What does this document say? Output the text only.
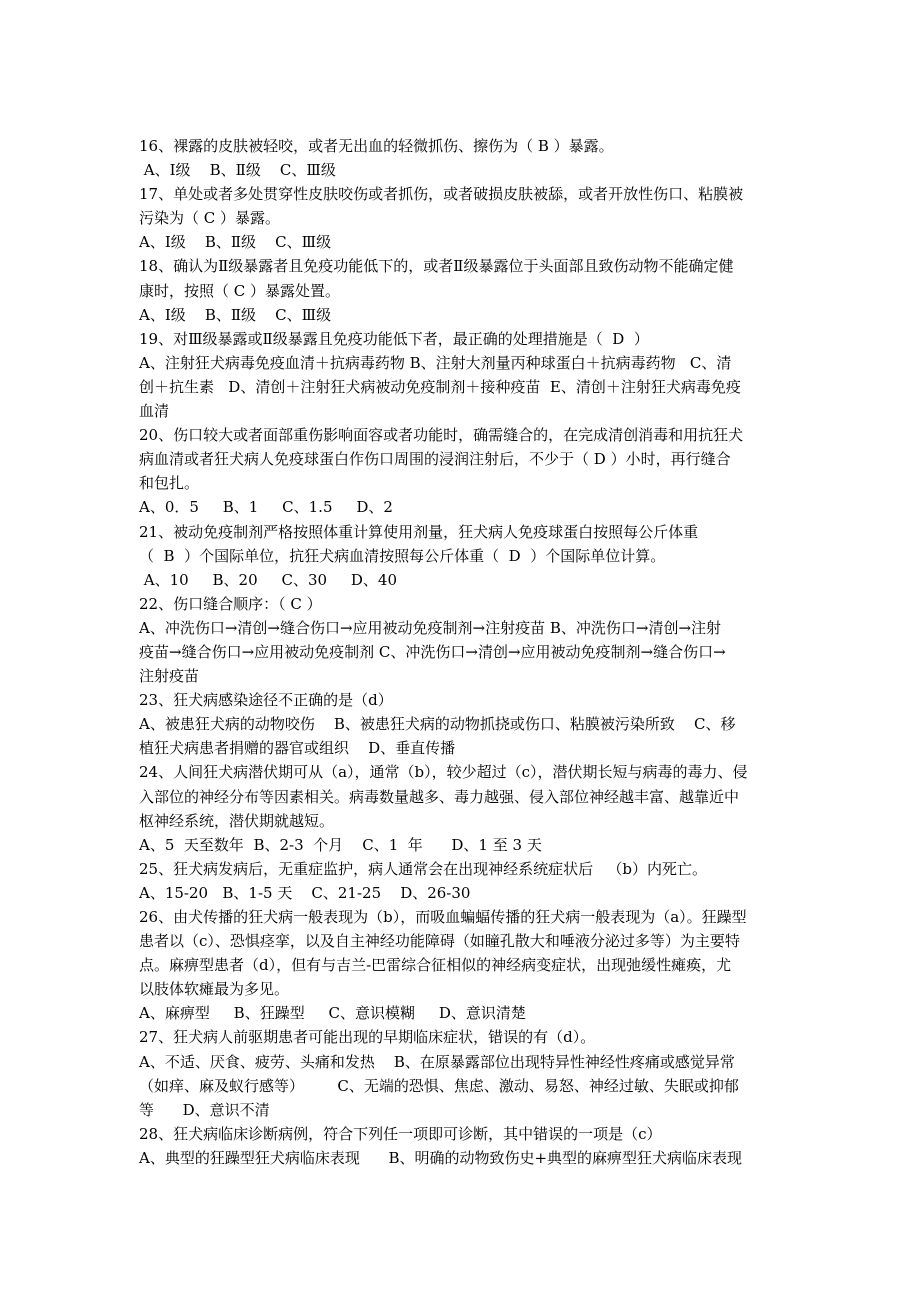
16、裸露的皮肤被轻咬，或者无出血的轻微抓伤、擦伤为（ B ）暴露。
A、Ⅰ级    B、Ⅱ级    C、Ⅲ级
17、单处或者多处贯穿性皮肤咬伤或者抓伤，或者破损皮肤被舔，或者开放性伤口、粘膜被
污染为（ C ）暴露。
A、Ⅰ级    B、Ⅱ级    C、Ⅲ级
18、确认为Ⅱ级暴露者且免疫功能低下的，或者Ⅱ级暴露位于头面部且致伤动物不能确定健
康时，按照（ C ）暴露处置。
A、Ⅰ级    B、Ⅱ级    C、Ⅲ级
19、对Ⅲ级暴露或Ⅱ级暴露且免疫功能低下者，最正确的处理措施是（  D  ）
A、注射狂犬病毒免疫血清＋抗病毒药物 B、注射大剂量丙种球蛋白＋抗病毒药物   C、清
创＋抗生素   D、清创＋注射狂犬病被动免疫制剂＋接种疫苗  E、清创＋注射狂犬病毒免疫
血清
20、伤口较大或者面部重伤影响面容或者功能时，确需缝合的，在完成清创消毒和用抗狂犬
病血清或者狂犬病人免疫球蛋白作伤口周围的浸润注射后，不少于（ D ）小时，再行缝合
和包扎。
A、0．5     B、1     C、1.5     D、2
21、被动免疫制剂严格按照体重计算使用剂量，狂犬病人免疫球蛋白按照每公斤体重
（  B  ）个国际单位，抗狂犬病血清按照每公斤体重（  D  ）个国际单位计算。
A、10     B、20     C、30     D、40
22、伤口缝合顺序：（ C ）
A、冲洗伤口→清创→缝合伤口→应用被动免疫制剂→注射疫苗 B、冲洗伤口→清创→注射
疫苗→缝合伤口→应用被动免疫制剂 C、冲洗伤口→清创→应用被动免疫制剂→缝合伤口→
注射疫苗
23、狂犬病感染途径不正确的是（d）
A、被患狂犬病的动物咬伤    B、被患狂犬病的动物抓挠或伤口、粘膜被污染所致    C、移
植狂犬病患者捐赠的器官或组织    D、垂直传播
24、人间狂犬病潜伏期可从（a），通常（b），较少超过（c），潜伏期长短与病毒的毒力、侵
入部位的神经分布等因素相关。病毒数量越多、毒力越强、侵入部位神经越丰富、越靠近中
枢神经系统，潜伏期就越短。
A、5  天至数年  B、2-3  个月    C、1  年      D、1 至 3 天
25、狂犬病发病后，无重症监护，病人通常会在出现神经系统症状后   （b）内死亡。
A、15-20   B、1-5 天    C、21-25    D、26-30
26、由犬传播的狂犬病一般表现为（b），而吸血蝙蝠传播的狂犬病一般表现为（a）。狂躁型
患者以（c）、恐惧痉挛，以及自主神经功能障碍（如瞳孔散大和唾液分泌过多等）为主要特
点。麻痹型患者（d），但有与吉兰-巴雷综合征相似的神经病变症状，出现弛缓性瘫痪，尤
以肢体软瘫最为多见。
A、麻痹型     B、狂躁型     C、意识模糊     D、意识清楚
27、狂犬病人前驱期患者可能出现的早期临床症状，错误的有（d）。
A、不适、厌食、疲劳、头痛和发热    B、在原暴露部位出现特异性神经性疼痛或感觉异常
（如痒、麻及蚁行感等）       C、无端的恐惧、焦虑、激动、易怒、神经过敏、失眠或抑郁
等      D、意识不清
28、狂犬病临床诊断病例，符合下列任一项即可诊断，其中错误的一项是（c）
A、典型的狂躁型狂犬病临床表现      B、明确的动物致伤史+典型的麻痹型狂犬病临床表现
